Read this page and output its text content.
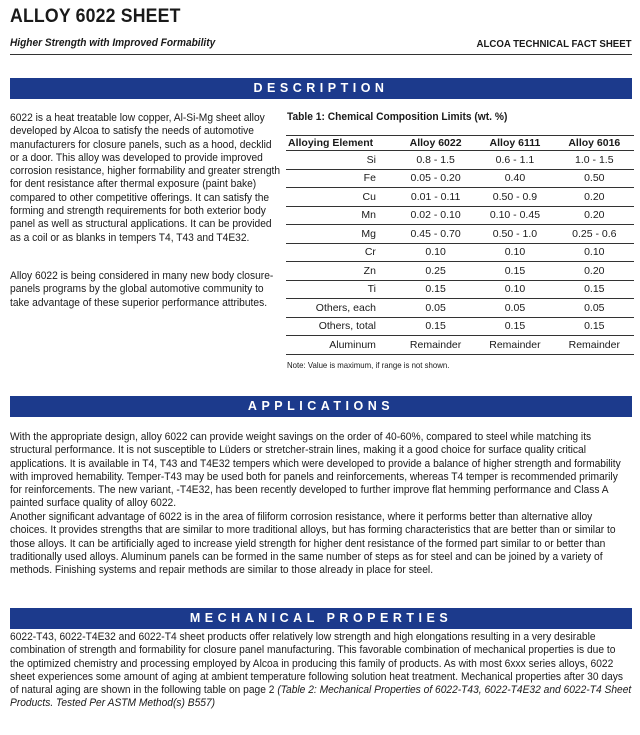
ALLOY 6022 SHEET
Higher Strength with Improved Formability	ALCOA TECHNICAL FACT SHEET
DESCRIPTION

6022 is a heat treatable low copper, Al-Si-Mg sheet alloy developed by Alcoa to satisfy the needs of automotive manufacturers for closure panels, such as a hood, decklid or a door. This alloy was developed to provide improved corrosion resistance, higher formability and greater strength for dent resistance after thermal exposure (paint bake) compared to other competitive offerings. It can satisfy the forming and strength requirements for both exterior body panel as well as structural applications. It can be provided as a coil or as blanks in tempers T4, T43 and T4E32.

Alloy 6022 is being considered in many new body closure-panels programs by the global automotive community to take advantage of these superior performance attributes.

Table 1: Chemical Composition Limits (wt. %)
Alloying Element	Alloy 6022	Alloy 6111	Alloy 6016
Si	0.8 - 1.5	0.6 - 1.1	1.0 - 1.5
Fe	0.05 - 0.20	0.40	0.50
Cu	0.01 - 0.11	0.50 - 0.9	0.20
Mn	0.02 - 0.10	0.10 - 0.45	0.20
Mg	0.45 - 0.70	0.50 - 1.0	0.25 - 0.6
Cr	0.10	0.10	0.10
Zn	0.25	0.15	0.20
Ti	0.15	0.10	0.15
Others, each	0.05	0.05	0.05
Others, total	0.15	0.15	0.15
Aluminum	Remainder	Remainder	Remainder
Note: Value is maximum, if range is not shown.
APPLICATIONS

With the appropriate design, alloy 6022 can provide weight savings on the order of 40-60%, compared to steel while matching its structural performance. It is not susceptible to Lüders or stretcher-strain lines, making it a good choice for surface quality critical applications. It is available in T4, T43 and T4E32 tempers which were developed to provide a balance of higher strength and formability with improved hemability. Temper-T43 may be used both for panels and reinforcements, whereas T4 temper is recommended primarily for reinforcements. The new variant, -T4E32, has been recently developed to further improve flat hemming performance and Class A painted surface quality of alloy 6022.

Another significant advantage of 6022 is in the area of filiform corrosion resistance, where it performs better than alternative alloy choices. It provides strengths that are similar to more traditional alloys, but has forming characteristics that are better than or similar to those alloys. It can be artificially aged to increase yield strength for higher dent resistance of the formed part similar to or better than traditionally used alloys. Aluminum panels can be formed in the same number of steps as for steel and can be joined by a variety of methods. Finishing systems and repair methods are similar to those already in place for steel.

MECHANICAL PROPERTIES

6022-T43, 6022-T4E32 and 6022-T4 sheet products offer relatively low strength and high elongations resulting in a very desirable combination of strength and formability for closure panel manufacturing. This favorable combination of mechanical properties is due to the optimized chemistry and processing employed by Alcoa in producing this family of products. As with most 6xxx series alloys, 6022 sheet experiences some amount of aging at ambient temperature following solution heat treatment. Mechanical properties after 30 days of natural aging are shown in the following table on page 2 (Table 2: Mechanical Properties of 6022-T43, 6022-T4E32 and 6022-T4 Sheet Products. Tested Per ASTM Method(s) B557)
